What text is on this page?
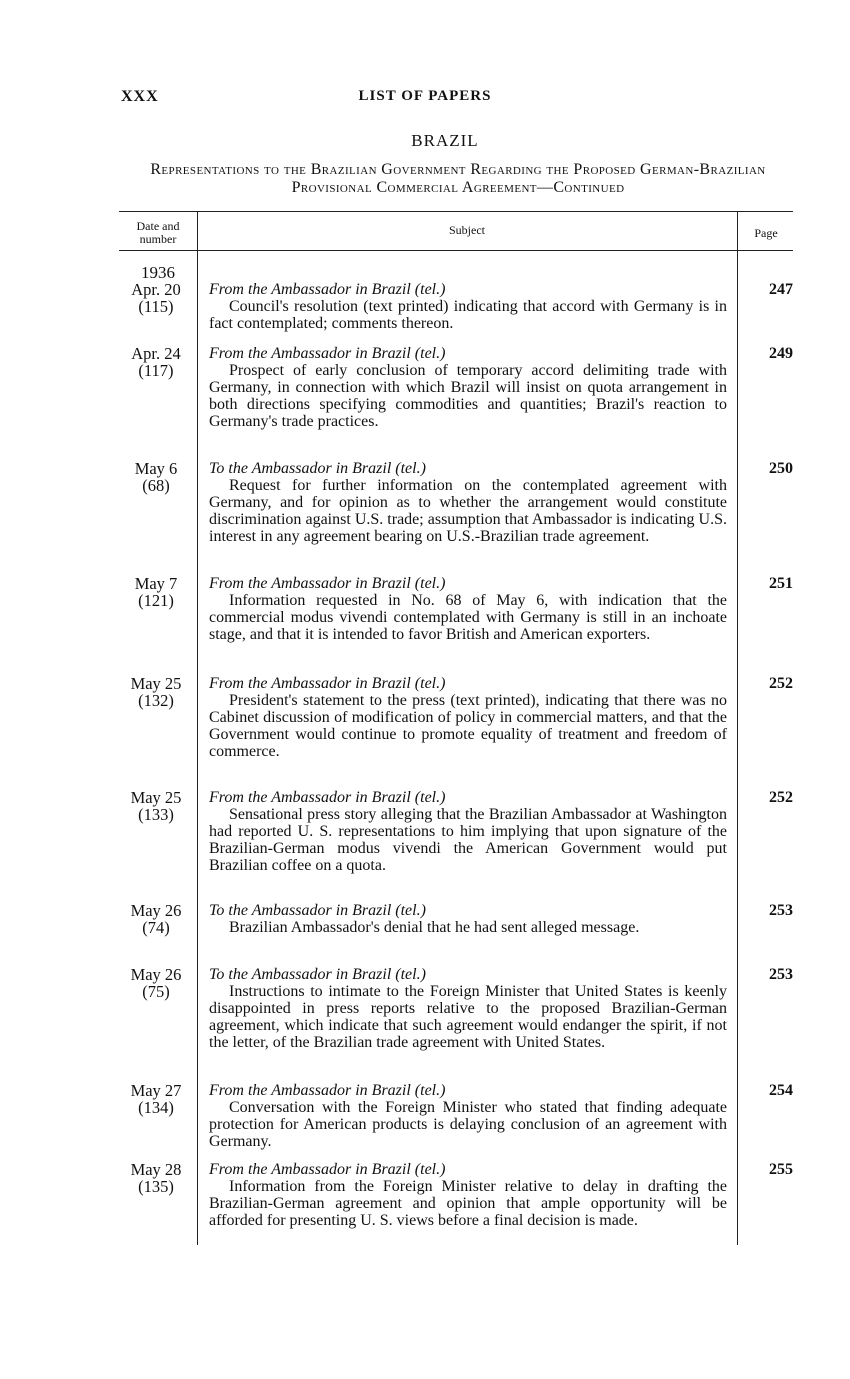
XXX	LIST OF PAPERS
BRAZIL
Representations to the Brazilian Government Regarding the Proposed German-Brazilian Provisional Commercial Agreement—Continued
Date and number
Subject	Page
1936
Apr. 20
(115)
From the Ambassador in Brazil (tel.)
Council's resolution (text printed) indicating that accord with Germany is in fact contemplated; comments thereon.
247
Apr. 24
(117)
From the Ambassador in Brazil (tel.)
Prospect of early conclusion of temporary accord delimiting trade with Germany, in connection with which Brazil will insist on quota arrangement in both directions specifying commodities and quantities; Brazil's reaction to Germany's trade practices.
249
May 6
(68)
To the Ambassador in Brazil (tel.)
Request for further information on the contemplated agreement with Germany, and for opinion as to whether the arrangement would constitute discrimination against U.S. trade; assumption that Ambassador is indicating U.S. interest in any agreement bearing on U.S.-Brazilian trade agreement.
250
May 7
(121)
From the Ambassador in Brazil (tel.)
Information requested in No. 68 of May 6, with indication that the commercial modus vivendi contemplated with Germany is still in an inchoate stage, and that it is intended to favor British and American exporters.
251
May 25
(132)
From the Ambassador in Brazil (tel.)
President's statement to the press (text printed), indicating that there was no Cabinet discussion of modification of policy in commercial matters, and that the Government would continue to promote equality of treatment and freedom of commerce.
252
May 25
(133)
From the Ambassador in Brazil (tel.)
Sensational press story alleging that the Brazilian Ambassador at Washington had reported U. S. representations to him implying that upon signature of the Brazilian-German modus vivendi the American Government would put Brazilian coffee on a quota.
252
May 26
(74)
To the Ambassador in Brazil (tel.)
Brazilian Ambassador's denial that he had sent alleged message.
253
May 26
(75)
To the Ambassador in Brazil (tel.)
Instructions to intimate to the Foreign Minister that United States is keenly disappointed in press reports relative to the proposed Brazilian-German agreement, which indicate that such agreement would endanger the spirit, if not the letter, of the Brazilian trade agreement with United States.
253
May 27
(134)
From the Ambassador in Brazil (tel.)
Conversation with the Foreign Minister who stated that finding adequate protection for American products is delaying conclusion of an agreement with Germany.
254
May 28
(135)
From the Ambassador in Brazil (tel.)
Information from the Foreign Minister relative to delay in drafting the Brazilian-German agreement and opinion that ample opportunity will be afforded for presenting U. S. views before a final decision is made.
255
